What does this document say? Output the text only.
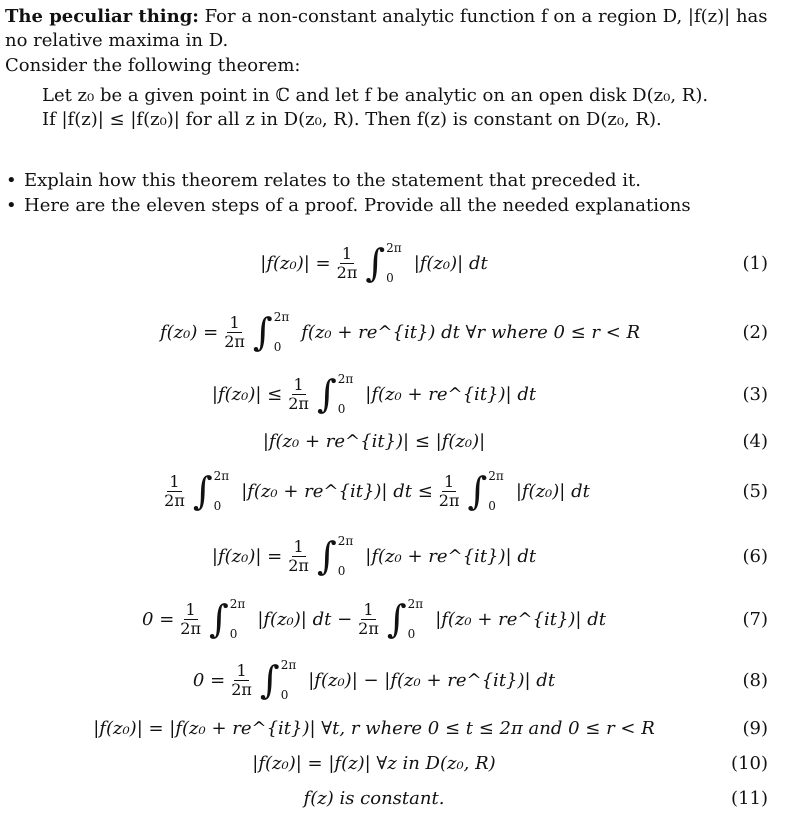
The peculiar thing: For a non-constant analytic function f on a region D, |f(z)| has
no relative maxima in D.
Consider the following theorem:
Let z₀ be a given point in ℂ and let f be analytic on an open disk D(z₀, R).
If |f(z)| ≤ |f(z₀)| for all z in D(z₀, R). Then f(z) is constant on D(z₀, R).
• Explain how this theorem relates to the statement that preceded it.
• Here are the eleven steps of a proof. Provide all the needed explanations
$|f(z_0)| = \frac{1}{2\pi}$ ∫ 2π
0
|f(z₀)| dt	(1)
$f(z_0) = \frac{1}{2\pi}$ ∫ 2π
0
f(z₀ + re^{it}) dt ∀r where 0 ≤ r < R	(2)
$|f(z_0)| \le \frac{1}{2\pi}$ ∫ 2π
0
|f(z₀ + re^{it})| dt	(3)
|f(z₀ + re^{it})| ≤ |f(z₀)|	(4)
$\frac{1}{2\pi}$ ∫ 2π
0
|f(z₀ + re^{it})| dt ≤ $\frac{1}{2\pi}$ ∫ 2π
0
|f(z₀)| dt	(5)
$|f(z_0)| = \frac{1}{2\pi}$ ∫ 2π
0
|f(z₀ + re^{it})| dt	(6)
$0 = \frac{1}{2\pi}$ ∫ 2π
0
|f(z₀)| dt − $\frac{1}{2\pi}$ ∫ 2π
0
|f(z₀ + re^{it})| dt	(7)
$0 = \frac{1}{2\pi}$ ∫ 2π
0
|f(z₀)| − |f(z₀ + re^{it})| dt	(8)
|f(z₀)| = |f(z₀ + re^{it})| ∀t, r where 0 ≤ t ≤ 2π and 0 ≤ r < R	(9)
|f(z₀)| = |f(z)| ∀z in D(z₀, R)	(10)
f(z) is constant.	(11)
